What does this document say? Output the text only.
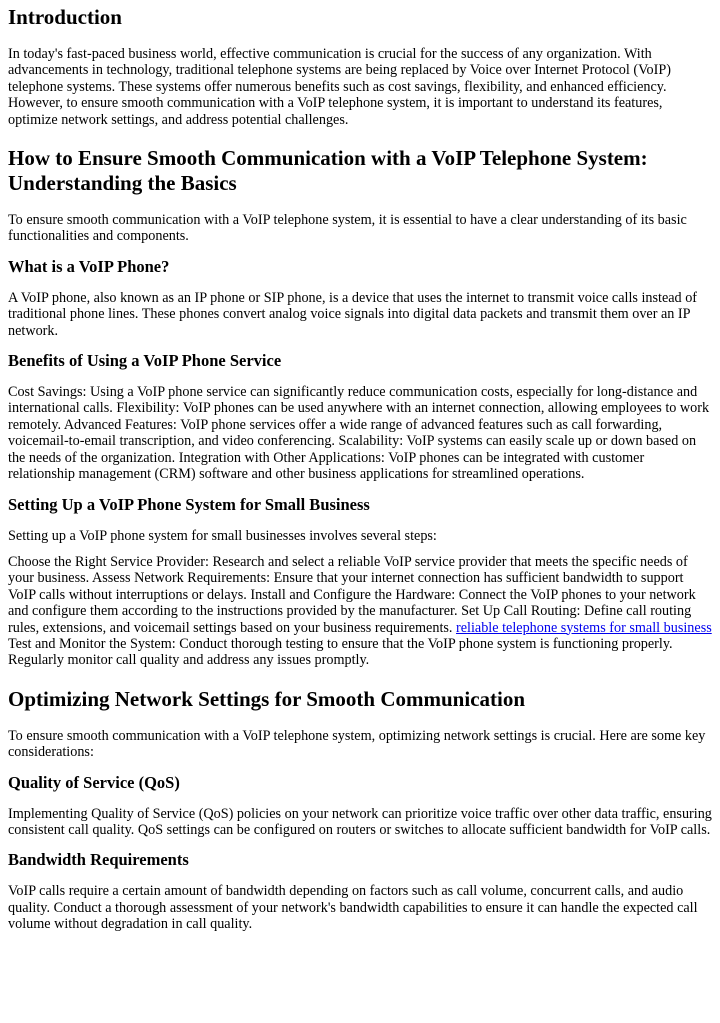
Introduction

In today's fast-paced business world, effective communication is crucial for the success of any organization. With advancements in technology, traditional telephone systems are being replaced by Voice over Internet Protocol (VoIP) telephone systems. These systems offer numerous benefits such as cost savings, flexibility, and enhanced efficiency. However, to ensure smooth communication with a VoIP telephone system, it is important to understand its features, optimize network settings, and address potential challenges.

How to Ensure Smooth Communication with a VoIP Telephone System: Understanding the Basics

To ensure smooth communication with a VoIP telephone system, it is essential to have a clear understanding of its basic functionalities and components.

What is a VoIP Phone?

A VoIP phone, also known as an IP phone or SIP phone, is a device that uses the internet to transmit voice calls instead of traditional phone lines. These phones convert analog voice signals into digital data packets and transmit them over an IP network.

Benefits of Using a VoIP Phone Service

Cost Savings: Using a VoIP phone service can significantly reduce communication costs, especially for long-distance and international calls. Flexibility: VoIP phones can be used anywhere with an internet connection, allowing employees to work remotely. Advanced Features: VoIP phone services offer a wide range of advanced features such as call forwarding, voicemail-to-email transcription, and video conferencing. Scalability: VoIP systems can easily scale up or down based on the needs of the organization. Integration with Other Applications: VoIP phones can be integrated with customer relationship management (CRM) software and other business applications for streamlined operations.

Setting Up a VoIP Phone System for Small Business

Setting up a VoIP phone system for small businesses involves several steps:

Choose the Right Service Provider: Research and select a reliable VoIP service provider that meets the specific needs of your business. Assess Network Requirements: Ensure that your internet connection has sufficient bandwidth to support VoIP calls without interruptions or delays. Install and Configure the Hardware: Connect the VoIP phones to your network and configure them according to the instructions provided by the manufacturer. Set Up Call Routing: Define call routing rules, extensions, and voicemail settings based on your business requirements. reliable telephone systems for small business Test and Monitor the System: Conduct thorough testing to ensure that the VoIP phone system is functioning properly. Regularly monitor call quality and address any issues promptly.

Optimizing Network Settings for Smooth Communication

To ensure smooth communication with a VoIP telephone system, optimizing network settings is crucial. Here are some key considerations:

Quality of Service (QoS)

Implementing Quality of Service (QoS) policies on your network can prioritize voice traffic over other data traffic, ensuring consistent call quality. QoS settings can be configured on routers or switches to allocate sufficient bandwidth for VoIP calls.

Bandwidth Requirements

VoIP calls require a certain amount of bandwidth depending on factors such as call volume, concurrent calls, and audio quality. Conduct a thorough assessment of your network's bandwidth capabilities to ensure it can handle the expected call volume without degradation in call quality.
